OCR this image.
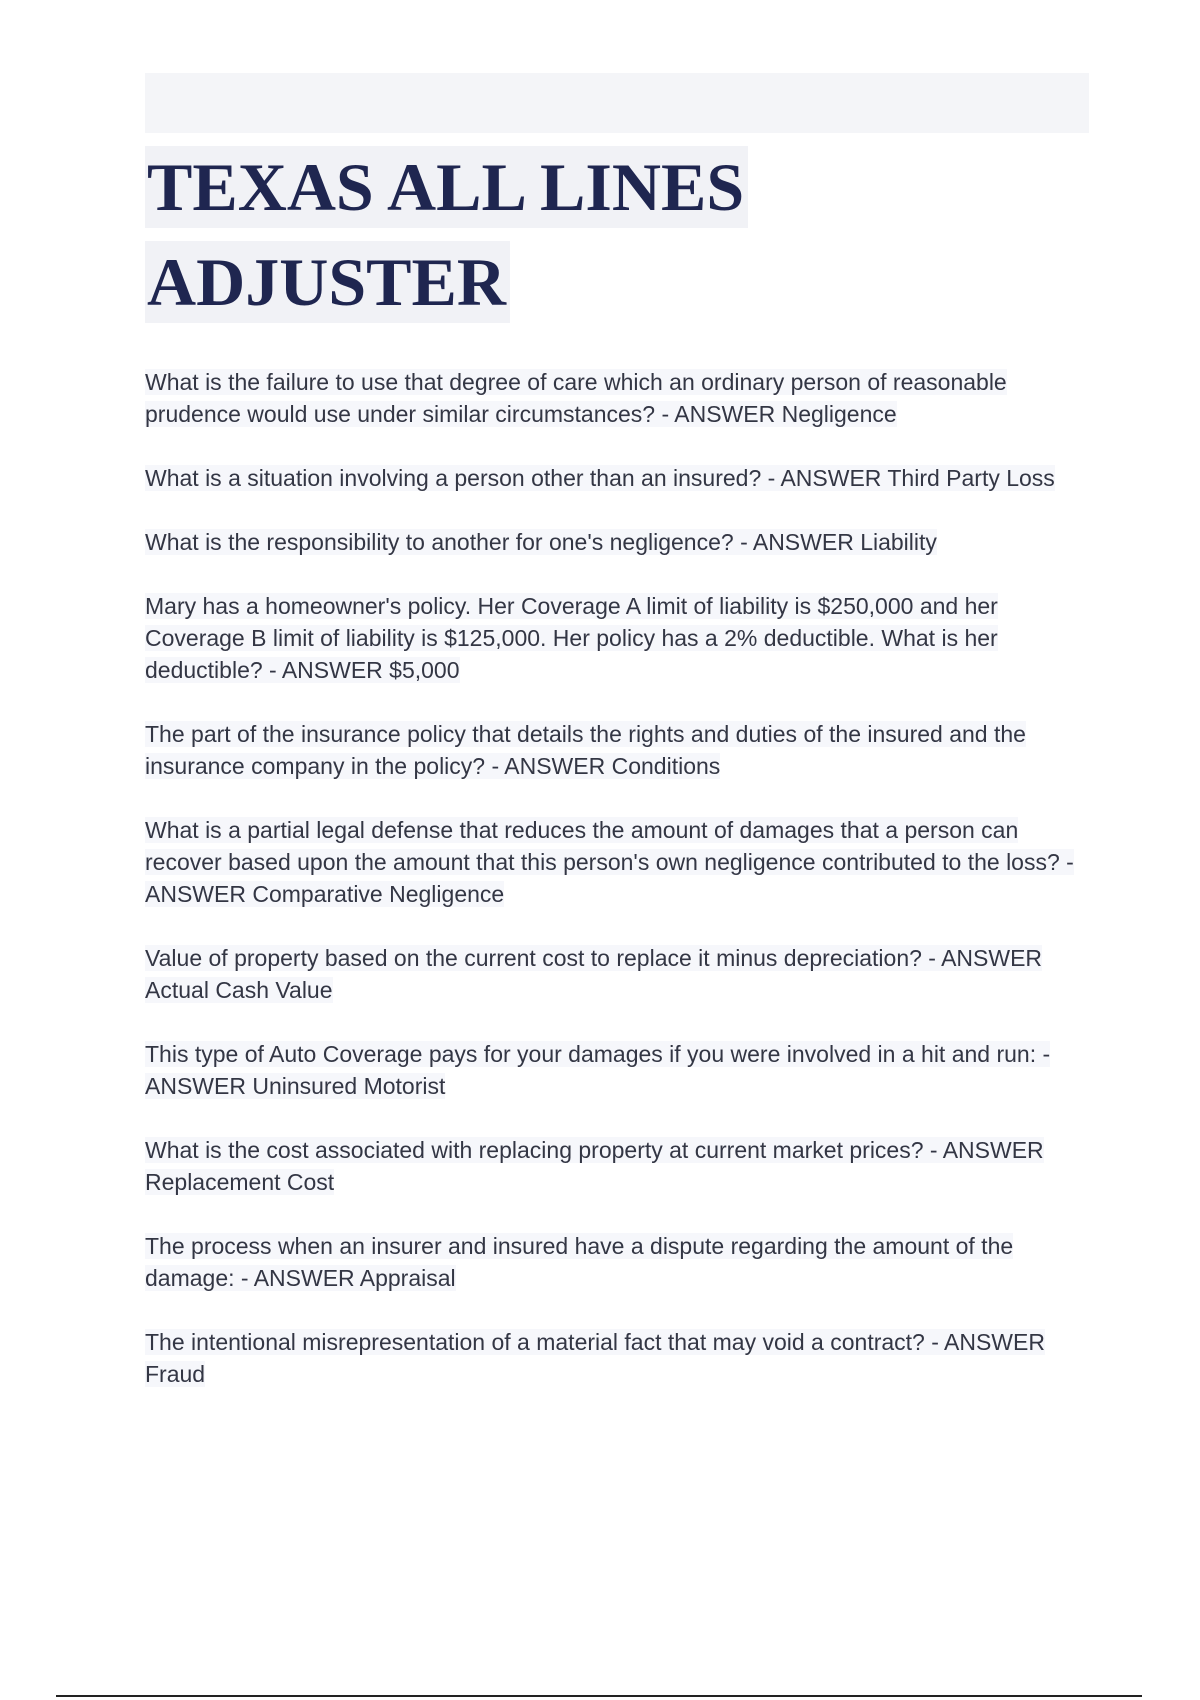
TEXAS ALL LINES
ADJUSTER

What is the failure to use that degree of care which an ordinary person of reasonable prudence would use under similar circumstances? - ANSWER Negligence

What is a situation involving a person other than an insured? - ANSWER Third Party Loss

What is the responsibility to another for one's negligence? - ANSWER Liability

Mary has a homeowner's policy. Her Coverage A limit of liability is $250,000 and her Coverage B limit of liability is $125,000. Her policy has a 2% deductible. What is her deductible? - ANSWER $5,000

The part of the insurance policy that details the rights and duties of the insured and the insurance company in the policy? - ANSWER Conditions

What is a partial legal defense that reduces the amount of damages that a person can recover based upon the amount that this person's own negligence contributed to the loss? - ANSWER Comparative Negligence

Value of property based on the current cost to replace it minus depreciation? - ANSWER Actual Cash Value

This type of Auto Coverage pays for your damages if you were involved in a hit and run: - ANSWER Uninsured Motorist

What is the cost associated with replacing property at current market prices? - ANSWER Replacement Cost

The process when an insurer and insured have a dispute regarding the amount of the damage: - ANSWER Appraisal

The intentional misrepresentation of a material fact that may void a contract? - ANSWER Fraud
